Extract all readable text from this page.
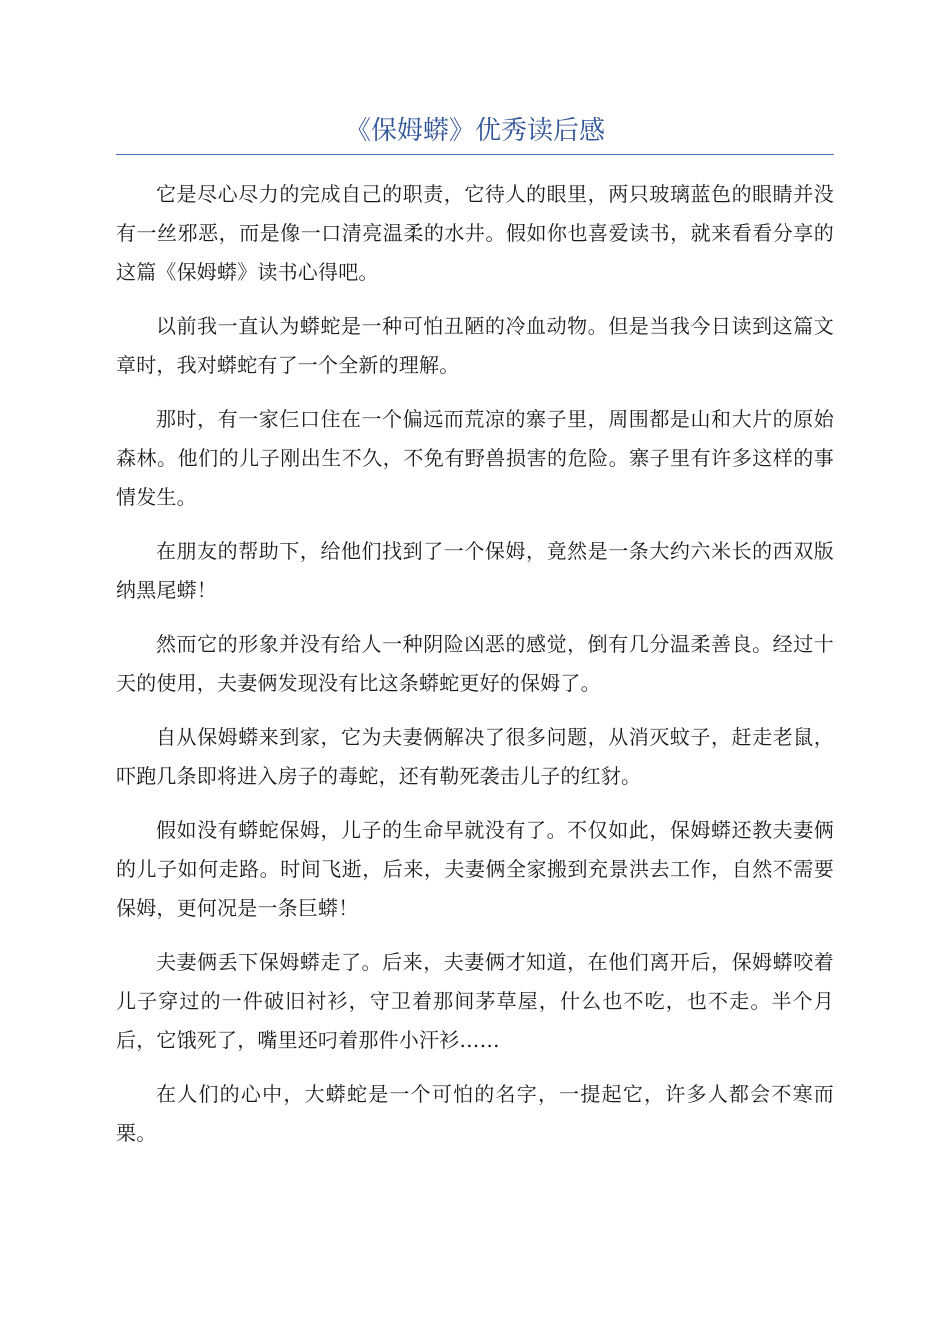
《保姆蟒》优秀读后感

它是尽心尽力的完成自己的职责，它待人的眼里，两只玻璃蓝色的眼睛并没有一丝邪恶，而是像一口清亮温柔的水井。假如你也喜爱读书，就来看看分享的这篇《保姆蟒》读书心得吧。

以前我一直认为蟒蛇是一种可怕丑陋的冷血动物。但是当我今日读到这篇文章时，我对蟒蛇有了一个全新的理解。

那时，有一家仨口住在一个偏远而荒凉的寨子里，周围都是山和大片的原始森林。他们的儿子刚出生不久，不免有野兽损害的危险。寨子里有许多这样的事情发生。

在朋友的帮助下，给他们找到了一个保姆，竟然是一条大约六米长的西双版纳黑尾蟒！

然而它的形象并没有给人一种阴险凶恶的感觉，倒有几分温柔善良。经过十天的使用，夫妻俩发现没有比这条蟒蛇更好的保姆了。

自从保姆蟒来到家，它为夫妻俩解决了很多问题，从消灭蚊子，赶走老鼠，吓跑几条即将进入房子的毒蛇，还有勒死袭击儿子的红豺。

假如没有蟒蛇保姆，儿子的生命早就没有了。不仅如此，保姆蟒还教夫妻俩的儿子如何走路。时间飞逝，后来，夫妻俩全家搬到充景洪去工作，自然不需要保姆，更何况是一条巨蟒！

夫妻俩丢下保姆蟒走了。后来，夫妻俩才知道，在他们离开后，保姆蟒咬着儿子穿过的一件破旧衬衫，守卫着那间茅草屋，什么也不吃，也不走。半个月后，它饿死了，嘴里还叼着那件小汗衫……

在人们的心中，大蟒蛇是一个可怕的名字，一提起它，许多人都会不寒而栗。
